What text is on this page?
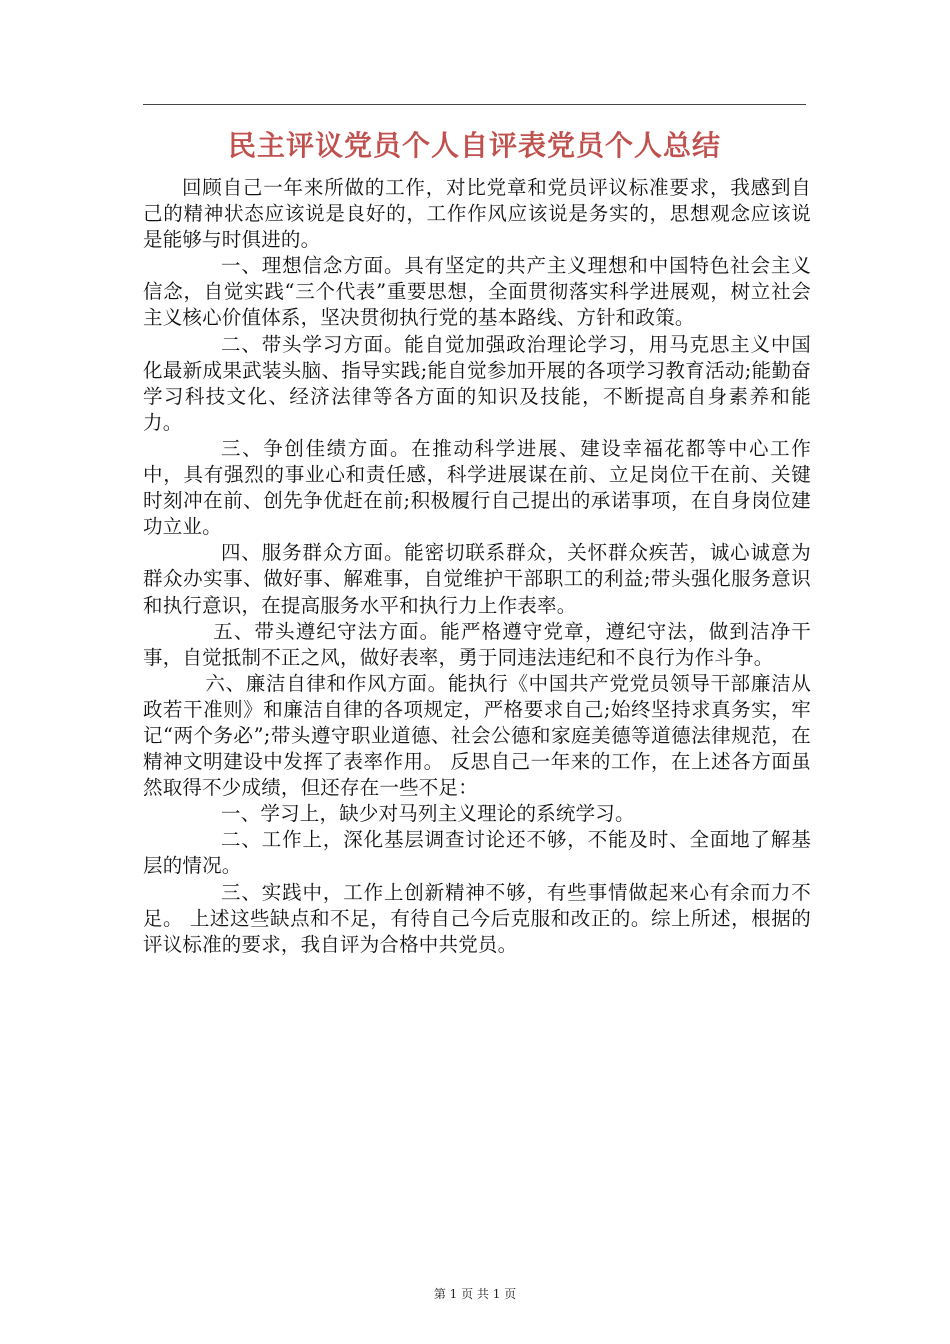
民主评议党员个人自评表党员个人总结

回顾自己一年来所做的工作，对比党章和党员评议标准要求，我感到自己的精神状态应该说是良好的，工作作风应该说是务实的，思想观念应该说是能够与时俱进的。

一、理想信念方面。具有坚定的共产主义理想和中国特色社会主义信念，自觉实践“三个代表”重要思想，全面贯彻落实科学进展观，树立社会主义核心价值体系，坚决贯彻执行党的基本路线、方针和政策。

二、带头学习方面。能自觉加强政治理论学习，用马克思主义中国化最新成果武装头脑、指导实践;能自觉参加开展的各项学习教育活动;能勤奋学习科技文化、经济法律等各方面的知识及技能，不断提高自身素养和能力。

三、争创佳绩方面。在推动科学进展、建设幸福花都等中心工作中，具有强烈的事业心和责任感，科学进展谋在前、立足岗位干在前、关键时刻冲在前、创先争优赶在前;积极履行自己提出的承诺事项，在自身岗位建功立业。

四、服务群众方面。能密切联系群众，关怀群众疾苦，诚心诚意为群众办实事、做好事、解难事，自觉维护干部职工的利益;带头强化服务意识和执行意识，在提高服务水平和执行力上作表率。

五、带头遵纪守法方面。能严格遵守党章，遵纪守法，做到洁净干事，自觉抵制不正之风，做好表率，勇于同违法违纪和不良行为作斗争。

六、廉洁自律和作风方面。能执行《中国共产党党员领导干部廉洁从政若干准则》和廉洁自律的各项规定，严格要求自己;始终坚持求真务实，牢记“两个务必”;带头遵守职业道德、社会公德和家庭美德等道德法律规范，在精神文明建设中发挥了表率作用。 反思自己一年来的工作，在上述各方面虽然取得不少成绩，但还存在一些不足：

一、学习上，缺少对马列主义理论的系统学习。

二、工作上，深化基层调查讨论还不够，不能及时、全面地了解基层的情况。

三、实践中，工作上创新精神不够，有些事情做起来心有余而力不足。 上述这些缺点和不足，有待自己今后克服和改正的。综上所述，根据的评议标准的要求，我自评为合格中共党员。

第 1 页 共 1 页
